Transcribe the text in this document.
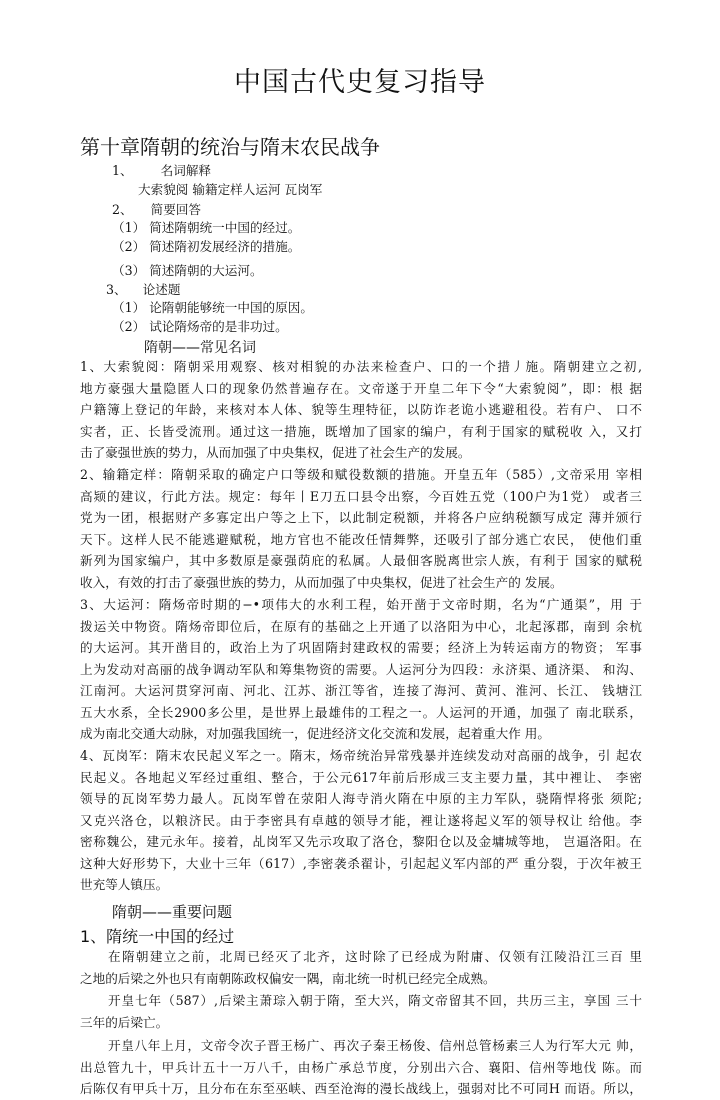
中国古代史复习指导
第十章隋朝的统治与隋末农民战争
1、 名词解释
大索貌阅 输籍定样人运河 瓦岗军
2、 简要回答
（1） 简述隋朝统一中国的经过。
（2） 简述隋初发展经济的措施。
（3） 简述隋朝的大运河。
3、 论述题
（1） 论隋朝能够统一中国的原因。
（2） 试论隋炀帝的是非功过。
隋朝——常见名词
1、大索貌阅：隋朝采用观察、核对相貌的办法来检查户、口的一个措丿施。隋朝建立之初,
地方豪强大量隐匿人口的现象仍然普遍存在。文帝遂于开皇二年下令“大索貌阅”，即：根 据
户籍簿上登记的年龄，来核对本人体、貌等生理特征，以防诈老诡小逃避租役。若有户、 口不
实者，正、长皆受流刑。通过这一措施，既增加了国家的编户，有利于国家的赋税收 入，又打
击了豪强世族的势力，从而加强了中央集权，促进了社会生产的发展。
2、输籍定样：隋朝采取的确定户口等级和赋役数额的措施。开皇五年（585）,文帝采用 宰相
高颎的建议，行此方法。规定：每年丨E刀五口县令出察，今百姓五党（100户为1党） 或者三
党为一团，根据财产多寡定出户等之上下，以此制定税额，并将各户应纳税额写成定 薄并颁行
天下。这样人民不能逃避赋税，地方官也不能改任情舞弊，还吸引了部分逃亡农民， 使他们重
新列为国家编户，其中多数原是豪强荫庇的私属。人最佃客脱离世宗人族，有利于 国家的赋税
收入，有效的打击了豪强世族的势力，从而加强了中央集权，促进了社会生产的 发展。
3、大运河：隋炀帝时期的−•项伟大的水利工程，始开凿于文帝时期，名为“广通渠”，用 于
拨运关中物资。隋炀帝即位后，在原有的基础之上开通了以洛阳为中心，北起涿郡，南到 余杭
的大运河。其开凿目的，政治上为了巩固隋封建政权的需要；经济上为转运南方的物资； 军事
上为发动对高丽的战争调动军队和筹集物资的需要。人运河分为四段：永济渠、通济渠、 和沟、
江南河。大运河贯穿河南、河北、江苏、浙江等省，连接了海河、黄河、淮河、长江、 钱塘江
五大水系，全长2900多公里，是世界上最雄伟的工程之一。人运河的开通，加强了 南北联系，
成为南北交通大动脉，对加强我国统一，促进经济文化交流和发展，起着重大作 用。
4、瓦岗军：隋末农民起义军之一。隋末，炀帝统治异常残暴并连续发动对高丽的战争，引 起农
民起义。各地起义军经过重组、整合，于公元617年前后形成三支主要力量，其中裡让、 李密
领导的瓦岗军势力最人。瓦岗军曾在荥阳人海寺消火隋在中原的主力军队，骁隋悍将张 须陀;
又克兴洛仓，以粮济民。由于李密具有卓越的领导才能，裡让遂将起义军的领导权让 给他。李
密称魏公，建元永年。接着，乩岗军又先示攻取了洛仓，黎阳仓以及金墉城等地， 岂逼洛阳。在
这种大好形势下，大业十三年（617）,李密袭杀翟讣，引起起义军内部的严 重分裂，于次年被王
世充等人镇压。
隋朝——重要问题
1、隋统一中国的经过
在隋朝建立之前，北周已经灭了北齐，这时除了已经成为附庸、仅领有江陵沿江三百 里
之地的后梁之外也只有南朝陈政权偏安一隅，南北统一时机已经完全成熟。
开皇七年（587）,后梁主萧琮入朝于隋，至大兴，隋文帝留其不回，共历三主，享国 三十
三年的后梁亡。
开皇八年上月，文帝令次子晋王杨广、再次子秦王杨俊、信州总管杨素三人为行军大元 帅，
出总管九十，甲兵计五十一万八千，由杨广承总节度，分别出六合、襄阳、信州等地伐 陈。而
后陈仅有甲兵十万，且分布在东至巫峡、西至沧海的漫长战线上，强弱对比不可同H 而语。所以，
